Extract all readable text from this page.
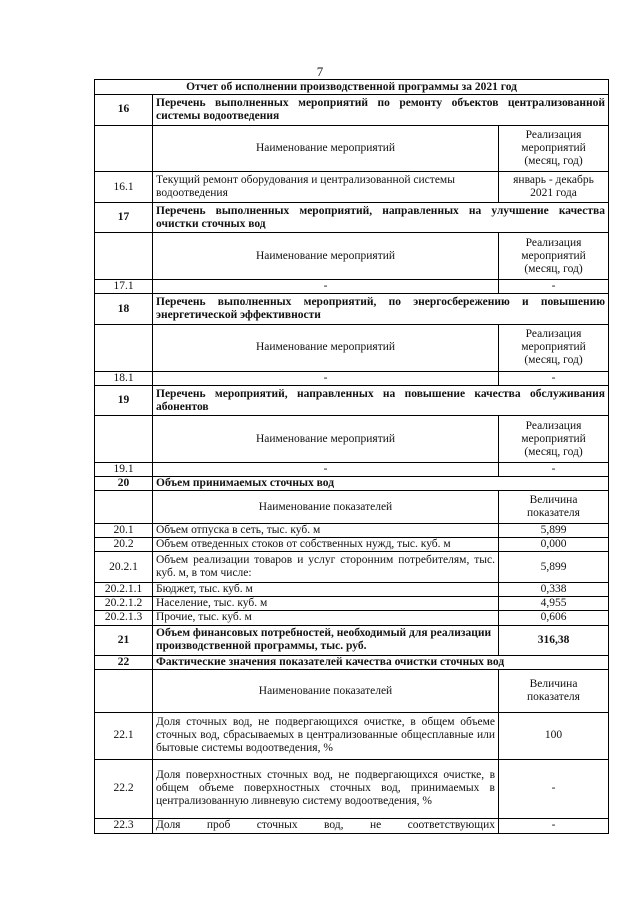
7
Отчет об исполнении производственной программы за 2021 год		
16	Перечень выполненных мероприятий по ремонту объектов централизованной системы водоотведения	
	Наименование мероприятий	Реализация мероприятий (месяц, год)
16.1	Текущий ремонт оборудования и централизованной системы водоотведения	январь - декабрь 2021 года
17	Перечень выполненных мероприятий, направленных на улучшение качества очистки сточных вод	
	Наименование мероприятий	Реализация мероприятий (месяц, год)
17.1	-	-
18	Перечень выполненных мероприятий, по энергосбережению и повышению энергетической эффективности	
	Наименование мероприятий	Реализация мероприятий (месяц, год)
18.1	-	-
19	Перечень мероприятий, направленных на повышение качества обслуживания абонентов	
	Наименование мероприятий	Реализация мероприятий (месяц, год)
19.1	-	-
20	Объем принимаемых сточных вод	
	Наименование показателей	Величина показателя
20.1	Объем отпуска в сеть, тыс. куб. м	5,899
20.2	Объем отведенных стоков от собственных нужд, тыс. куб. м	0,000
20.2.1	Объем реализации товаров и услуг сторонним потребителям, тыс. куб. м, в том числе:	5,899
20.2.1.1	Бюджет, тыс. куб. м	0,338
20.2.1.2	Население, тыс. куб. м	4,955
20.2.1.3	Прочие, тыс. куб. м	0,606
21	Объем финансовых потребностей, необходимый для реализации производственной программы, тыс. руб.	316,38
22	Фактические значения показателей качества очистки сточных вод	
	Наименование показателей	Величина показателя
22.1	Доля сточных вод, не подвергающихся очистке, в общем объеме сточных вод, сбрасываемых в централизованные общесплавные или бытовые системы водоотведения, %	100
22.2	Доля поверхностных сточных вод, не подвергающихся очистке, в общем объеме поверхностных сточных вод, принимаемых в централизованную ливневую систему водоотведения, %	-
22.3	Доля проб сточных вод, не соответствующих	-
